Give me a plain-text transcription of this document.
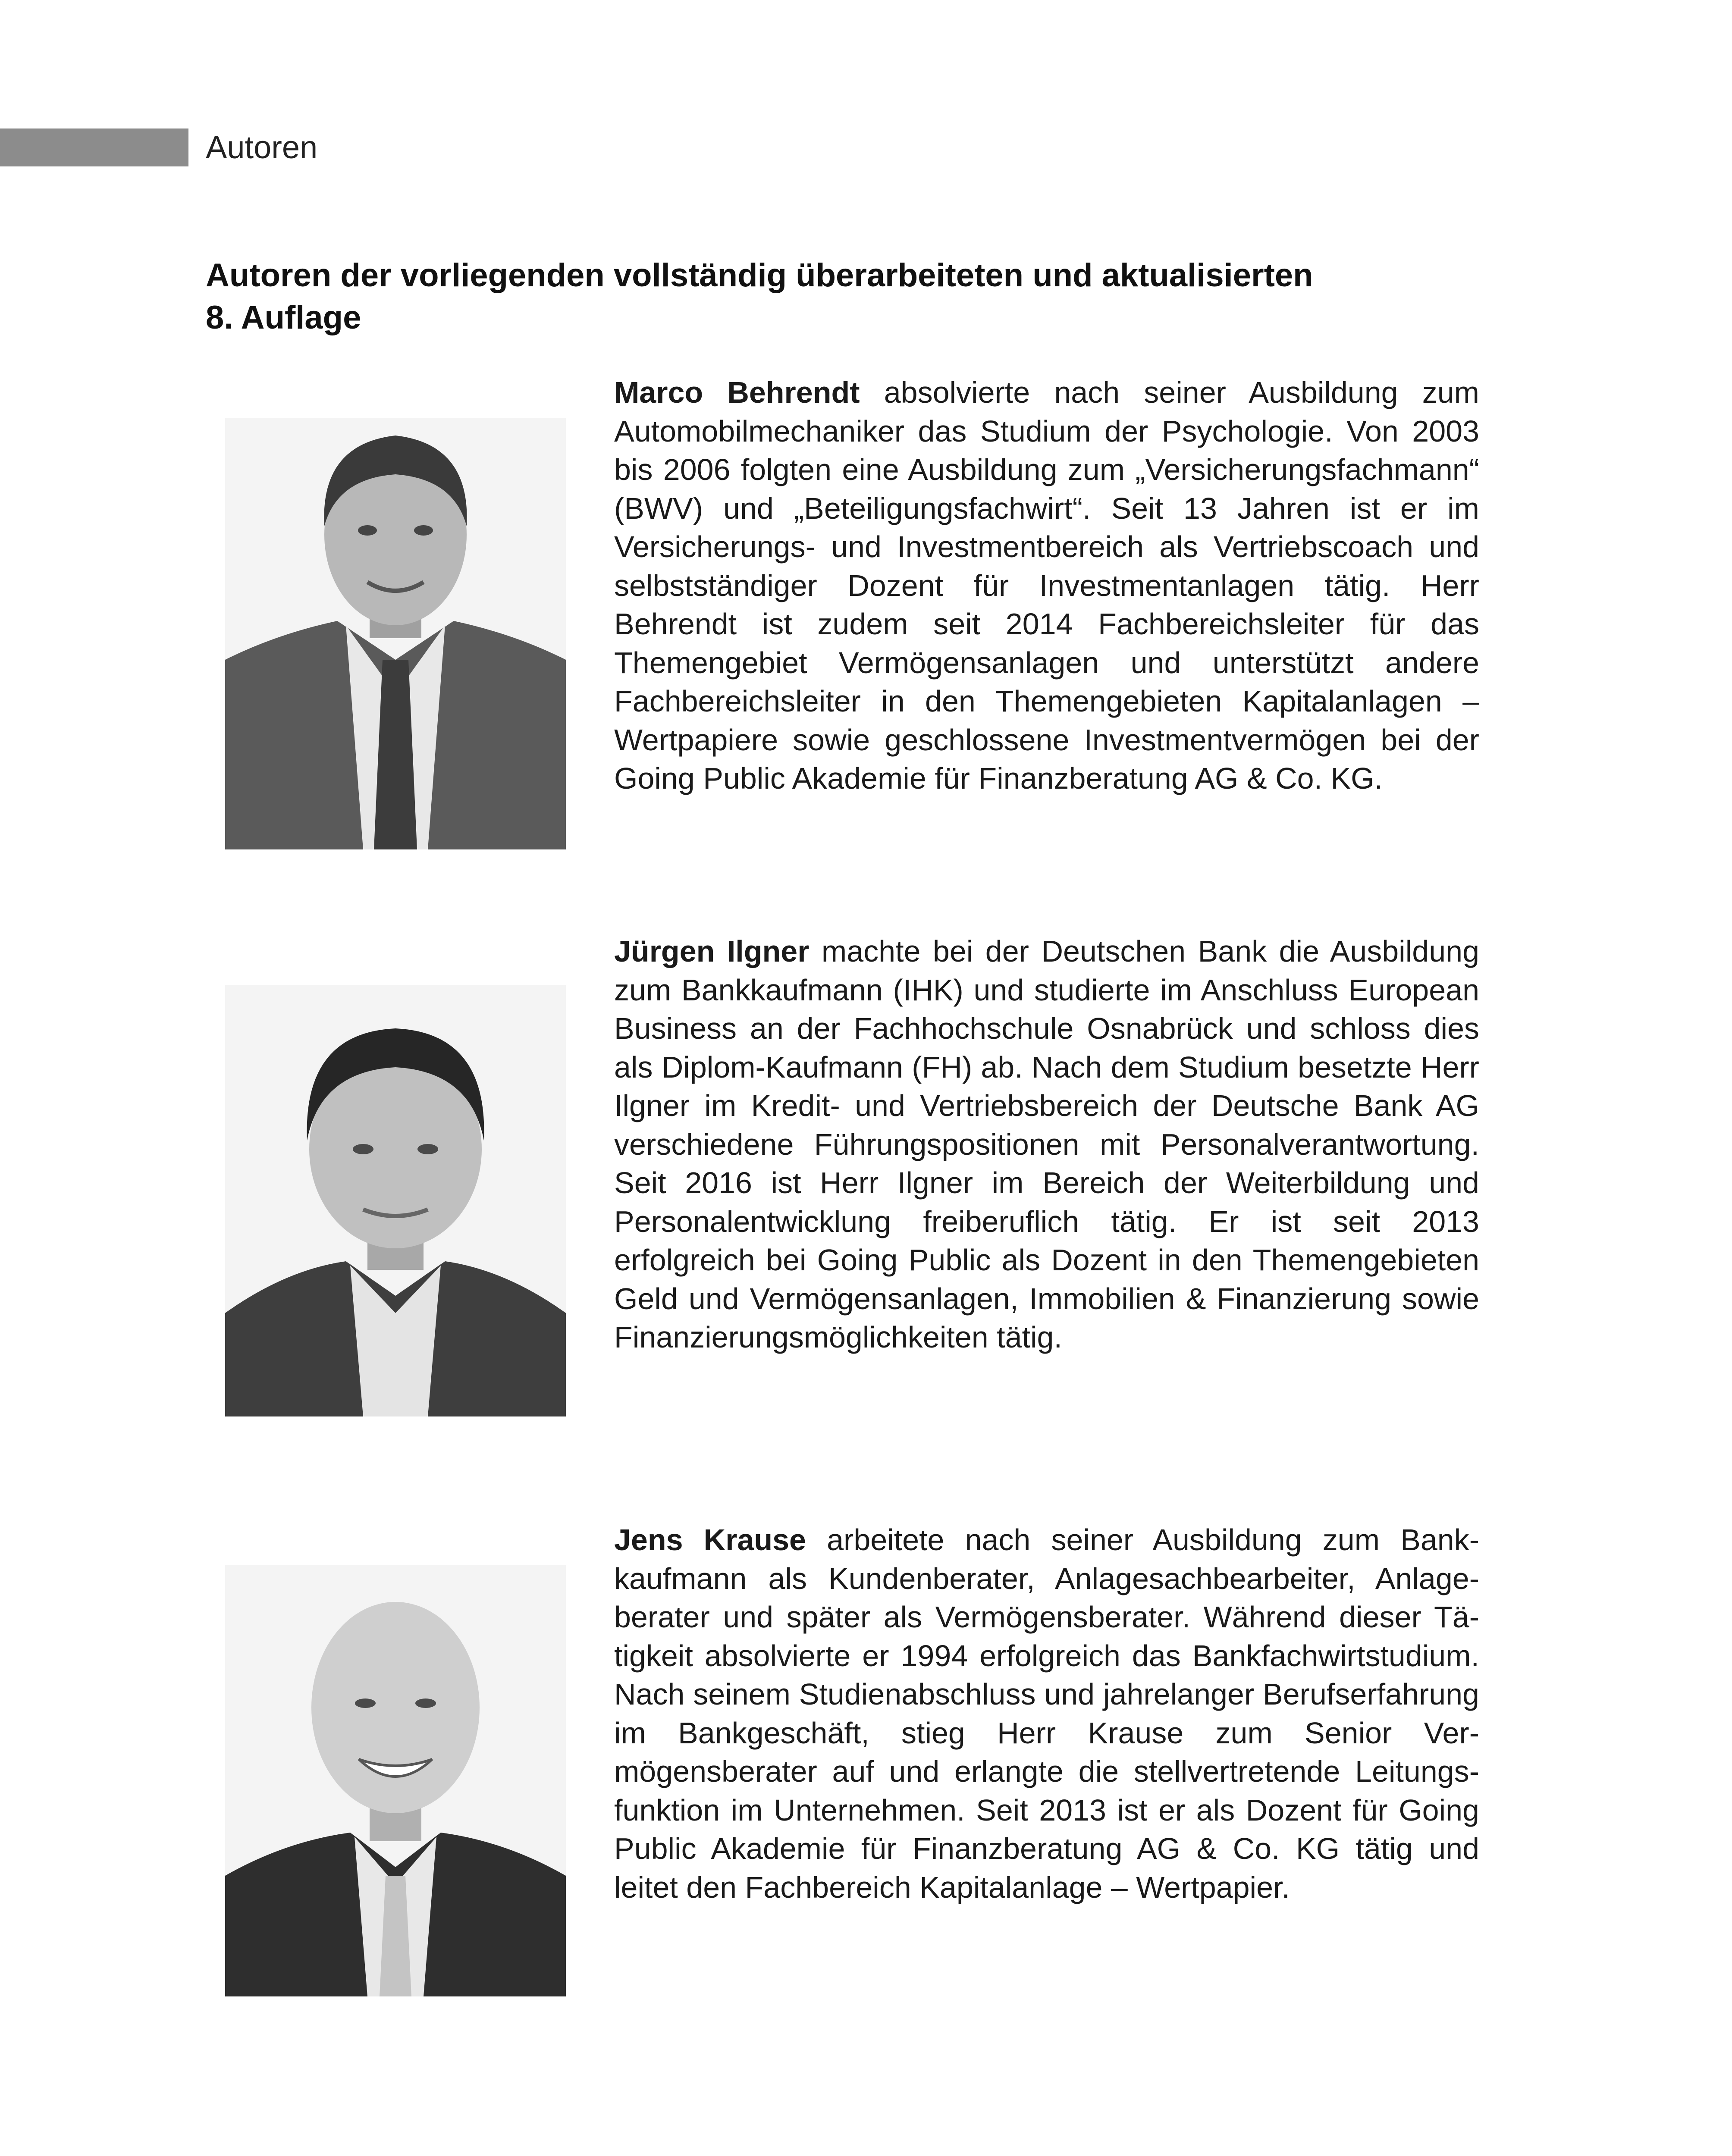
Autoren
Autoren der vorliegenden vollständig überarbeiteten und aktualisierten
8. Auflage
Marco Behrendt absolvierte nach seiner Ausbildung zum Automobilmechaniker das Studium der Psychologie. Von 2003 bis 2006 folgten eine Ausbildung zum „Versicherungsfachmann“ (BWV) und „Beteiligungsfachwirt“. Seit 13 Jahren ist er im Versicherungs- und Investmentbereich als Vertriebscoach und selbstständiger Dozent für Investmentanlagen tätig. Herr Behrendt ist zudem seit 2014 Fachbereichsleiter für das Themengebiet Vermögensanlagen und unterstützt andere Fachbereichsleiter in den Themengebieten Kapitalanlagen – Wertpapiere sowie geschlossene Investmentvermögen bei der Going Public Akademie für Finanzberatung AG & Co. KG.
Jürgen Ilgner machte bei der Deutschen Bank die Ausbildung zum Bankkaufmann (IHK) und studierte im Anschluss European Business an der Fachhochschule Osnabrück und schloss dies als Diplom-Kaufmann (FH) ab. Nach dem Studium besetzte Herr Ilgner im Kredit- und Vertriebsbereich der Deutsche Bank AG verschiedene Führungspositionen mit Personalverantwortung. Seit 2016 ist Herr Ilgner im Bereich der Weiterbildung und Personalentwicklung freiberuflich tätig. Er ist seit 2013 erfolgreich bei Going Public als Dozent in den Themengebieten Geld und Vermögensanlagen, Immobilien & Finanzierung sowie Finanzierungsmöglichkeiten tätig.
Jens Krause arbeitete nach seiner Ausbildung zum Bankkaufmann als Kundenberater, Anlagesachbearbeiter, Anlageberater und später als Vermögensberater. Während dieser Tätigkeit absolvierte er 1994 erfolgreich das Bankfachwirtstudium. Nach seinem Studienabschluss und jahrelanger Berufserfahrung im Bankgeschäft, stieg Herr Krause zum Senior Vermögensberater auf und erlangte die stellvertretende Leitungsfunktion im Unternehmen. Seit 2013 ist er als Dozent für Going Public Akademie für Finanzberatung AG & Co. KG tätig und leitet den Fachbereich Kapitalanlage – Wertpapier.
